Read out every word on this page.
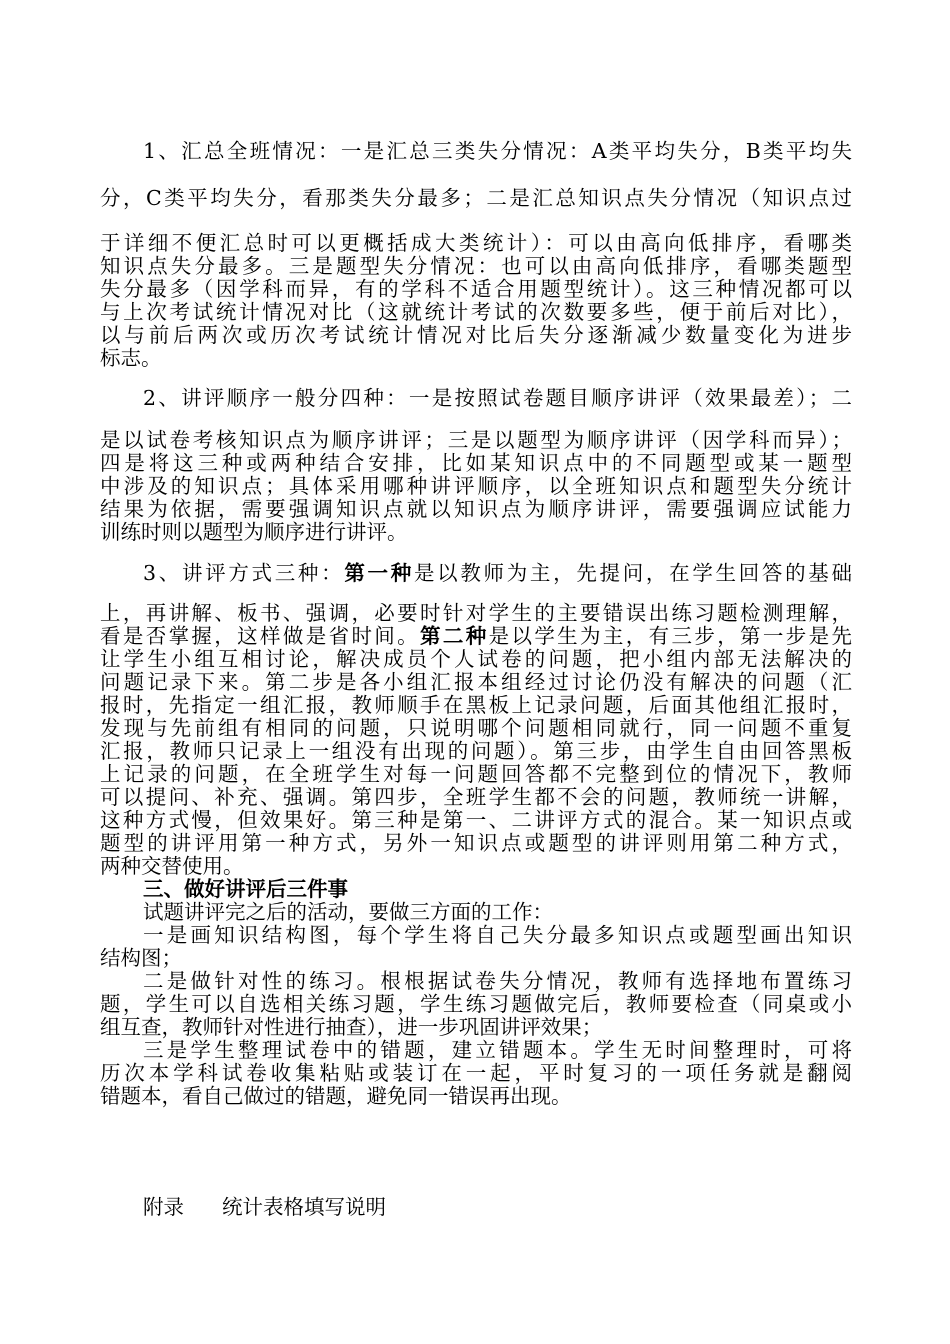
1、汇总全班情况：一是汇总三类失分情况：A类平均失分，B类平均失
分，C类平均失分，看那类失分最多；二是汇总知识点失分情况（知识点过
于详细不便汇总时可以更概括成大类统计）：可以由高向低排序，看哪类
知识点失分最多。三是题型失分情况：也可以由高向低排序，看哪类题型
失分最多（因学科而异，有的学科不适合用题型统计）。这三种情况都可以
与上次考试统计情况对比（这就统计考试的次数要多些，便于前后对比），
以与前后两次或历次考试统计情况对比后失分逐渐减少数量变化为进步
标志。
2、讲评顺序一般分四种：一是按照试卷题目顺序讲评（效果最差）；二
是以试卷考核知识点为顺序讲评；三是以题型为顺序讲评（因学科而异）；
四是将这三种或两种结合安排，比如某知识点中的不同题型或某一题型
中涉及的知识点；具体采用哪种讲评顺序，以全班知识点和题型失分统计
结果为依据，需要强调知识点就以知识点为顺序讲评，需要强调应试能力
训练时则以题型为顺序进行讲评。
3、讲评方式三种：第一种是以教师为主，先提问，在学生回答的基础
上，再讲解、板书、强调，必要时针对学生的主要错误出练习题检测理解，
看是否掌握，这样做是省时间。第二种是以学生为主，有三步，第一步是先
让学生小组互相讨论，解决成员个人试卷的问题，把小组内部无法解决的
问题记录下来。第二步是各小组汇报本组经过讨论仍没有解决的问题（汇
报时，先指定一组汇报，教师顺手在黑板上记录问题，后面其他组汇报时，
发现与先前组有相同的问题，只说明哪个问题相同就行，同一问题不重复
汇报，教师只记录上一组没有出现的问题）。第三步，由学生自由回答黑板
上记录的问题，在全班学生对每一问题回答都不完整到位的情况下，教师
可以提问、补充、强调。第四步，全班学生都不会的问题，教师统一讲解，
这种方式慢，但效果好。第三种是第一、二讲评方式的混合。某一知识点或
题型的讲评用第一种方式，另外一知识点或题型的讲评则用第二种方式，
两种交替使用。
三、做好讲评后三件事
试题讲评完之后的活动，要做三方面的工作：
一是画知识结构图，每个学生将自己失分最多知识点或题型画出知识
结构图；
二是做针对性的练习。根根据试卷失分情况，教师有选择地布置练习
题，学生可以自选相关练习题，学生练习题做完后，教师要检查（同桌或小
组互查，教师针对性进行抽查），进一步巩固讲评效果；
三是学生整理试卷中的错题，建立错题本。学生无时间整理时，可将
历次本学科试卷收集粘贴或装订在一起，平时复习的一项任务就是翻阅
错题本，看自己做过的错题，避免同一错误再出现。
附录 统计表格填写说明
